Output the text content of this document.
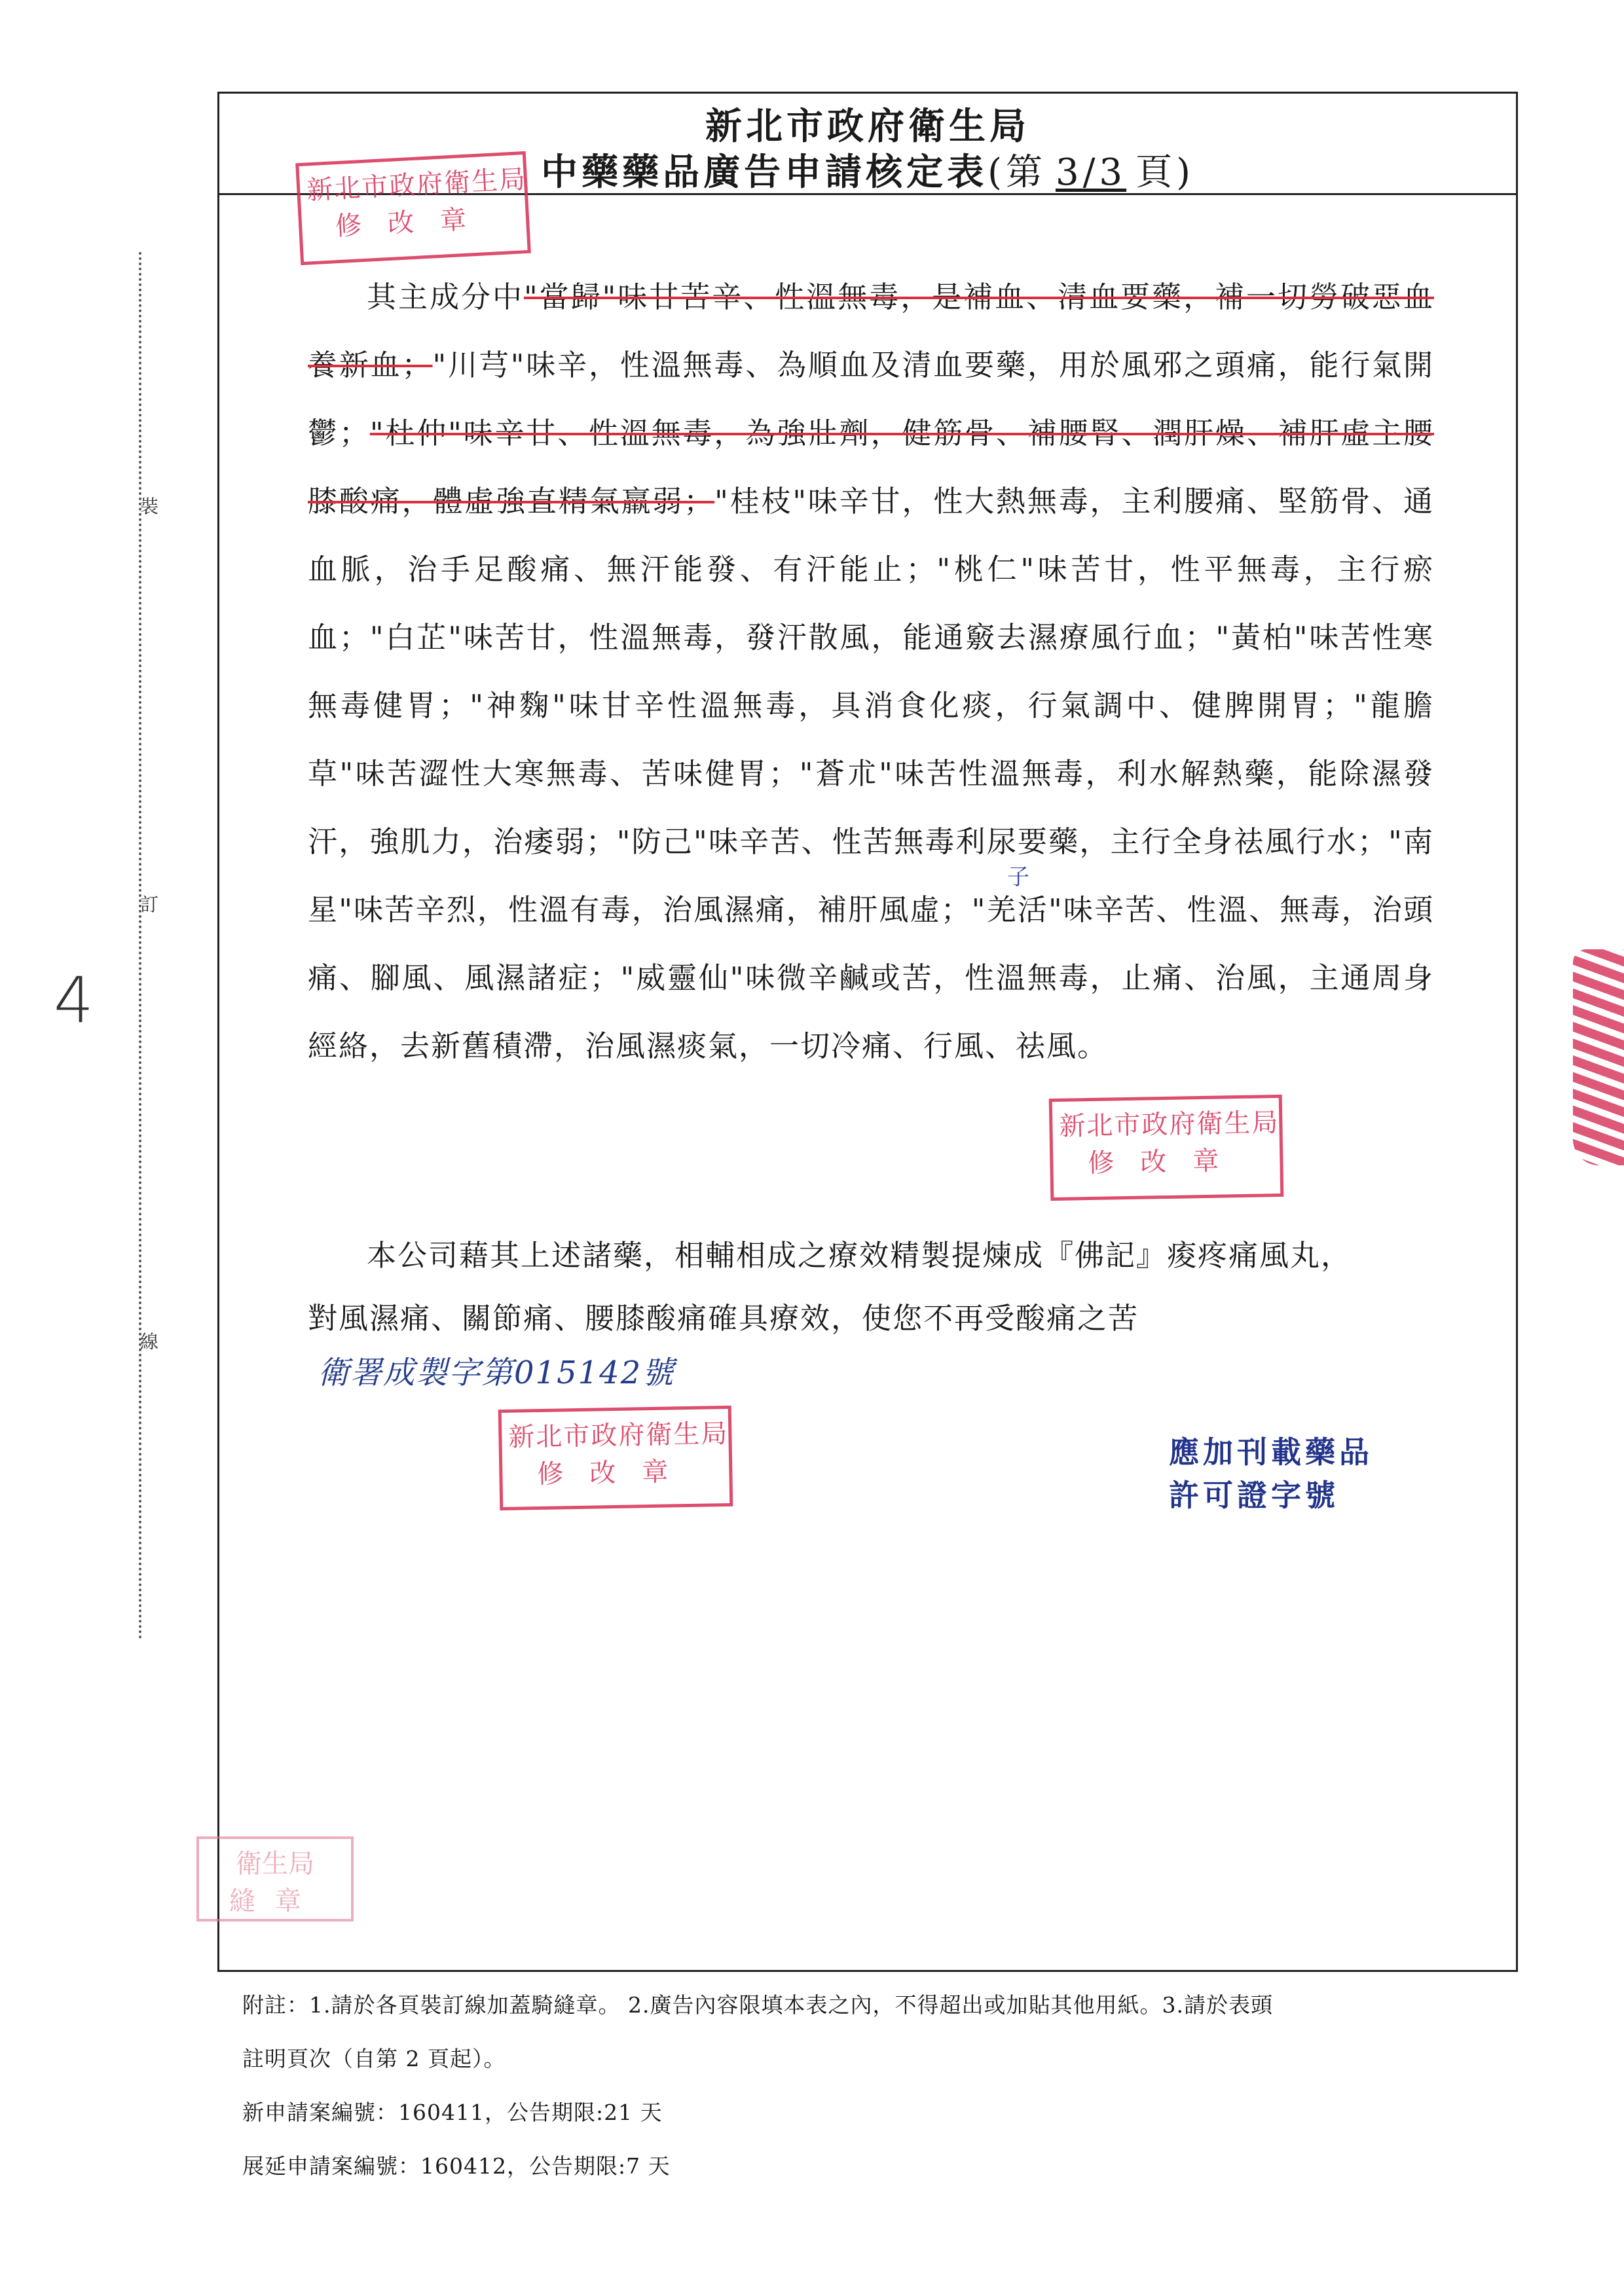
4
裝
訂
線
新北市政府衛生局
中藥藥品廣告申請核定表(第 3/3 頁)

其主成分中"當歸"味甘苦辛、性溫無毒，是補血、清血要藥，補一切勞破惡血養新血；"川芎"味辛，性溫無毒、為順血及清血要藥，用於風邪之頭痛，能行氣開鬱；"杜仲"味辛甘、性溫無毒，為強壯劑，健筋骨、補腰腎、潤肝燥、補肝虛主腰膝酸痛，體虛強直精氣羸弱；"桂枝"味辛甘，性大熱無毒，主利腰痛、堅筋骨、通血脈，治手足酸痛、無汗能發、有汗能止；"桃仁"味苦甘，性平無毒，主行瘀血；"白芷"味苦甘，性溫無毒，發汗散風，能通竅去濕療風行血；"黃柏"味苦性寒無毒健胃；"神麴"味甘辛性溫無毒，具消食化痰，行氣調中、健脾開胃；"龍膽草"味苦澀性大寒無毒、苦味健胃；"蒼朮"味苦性溫無毒，利水解熱藥，能除濕發汗，強肌力，治痿弱；"防己"味辛苦、性苦無毒利尿要藥，主行全身祛風行水；"南星"味苦辛烈，性溫有毒，治風濕痛，補肝風虛；"羌活"味辛苦、性溫、無毒，治頭痛、腳風、風濕諸症；"威靈仙"味微辛鹹或苦，性溫無毒，止痛、治風，主通周身經絡，去新舊積滯，治風濕痰氣，一切冷痛、行風、祛風。

子

本公司藉其上述諸藥，相輔相成之療效精製提煉成『佛記』痠疼痛風丸，

對風濕痛、關節痛、腰膝酸痛確具療效，使您不再受酸痛之苦
衛署成製字第015142號
新北市政府衛生局
修改章
新北市政府衛生局
修改章
新北市政府衛生局
修改章
衛生局
縫章
應加刊載藥品
許可證字號
附註：1.請於各頁裝訂線加蓋騎縫章。 2.廣告內容限填本表之內，不得超出或加貼其他用紙。3.請於表頭
註明頁次（自第 2 頁起）。
新申請案編號：160411，公告期限:21 天
展延申請案編號：160412，公告期限:7 天
